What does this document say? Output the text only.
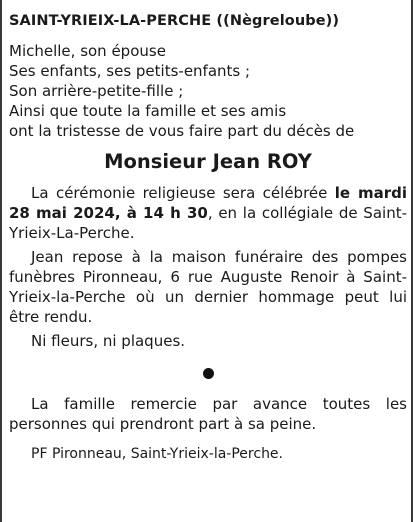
SAINT-YRIEIX-LA-PERCHE ((Nègreloube))
Michelle, son épouse
Ses enfants, ses petits-enfants ;
Son arrière-petite-fille ;
Ainsi que toute la famille et ses amis
ont la tristesse de vous faire part du décès de
Monsieur Jean ROY

La cérémonie religieuse sera célébrée le mardi 28 mai 2024, à 14 h 30, en la collégiale de Saint-Yrieix-La-Perche.

Jean repose à la maison funéraire des pompes funèbres Pironneau, 6 rue Auguste Renoir à Saint-Yrieix-la-Perche où un dernier hommage peut lui être rendu.

Ni fleurs, ni plaques.

La famille remercie par avance toutes les personnes qui prendront part à sa peine.

PF Pironneau, Saint-Yrieix-la-Perche.
